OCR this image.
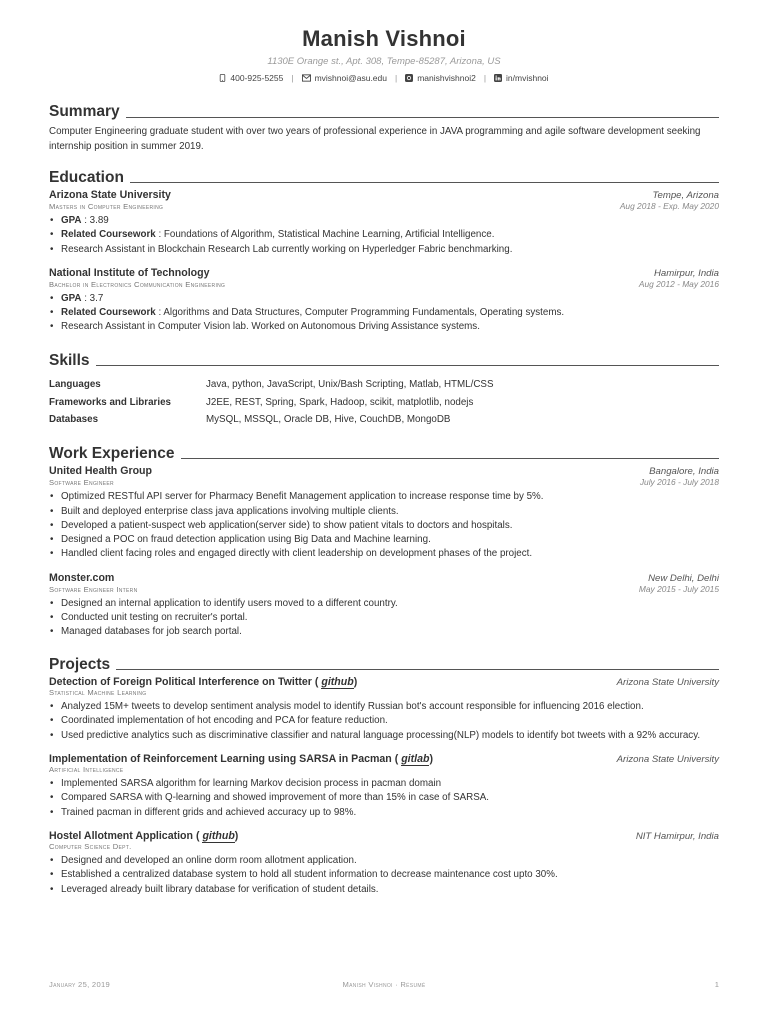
Manish Vishnoi
1130E Orange st., Apt. 308, Tempe-85287, Arizona, US
400-925-5255 | mvishnoi@asu.edu | manishvishnoi2 | in/mvishnoi
Summary
Computer Engineering graduate student with over two years of professional experience in JAVA programming and agile software development seeking internship position in summer 2019.
Education
Arizona State University	Tempe, Arizona
Masters in Computer Engineering	Aug 2018 - Exp. May 2020
• GPA : 3.89
• Related Coursework : Foundations of Algorithm, Statistical Machine Learning, Artificial Intelligence.
• Research Assistant in Blockchain Research Lab currently working on Hyperledger Fabric benchmarking.
National Institute of Technology	Hamirpur, India
Bachelor in Electronics Communication Engineering	Aug 2012 - May 2016
• GPA : 3.7
• Related Coursework : Algorithms and Data Structures, Computer Programming Fundamentals, Operating systems.
• Research Assistant in Computer Vision lab. Worked on Autonomous Driving Assistance systems.
Skills
Languages	Java, python, JavaScript, Unix/Bash Scripting, Matlab, HTML/CSS
Frameworks and Libraries	J2EE, REST, Spring, Spark, Hadoop, scikit, matplotlib, nodejs
Databases	MySQL, MSSQL, Oracle DB, Hive, CouchDB, MongoDB
Work Experience
United Health Group	Bangalore, India
Software Engineer	July 2016 - July 2018
• Optimized RESTful API server for Pharmacy Benefit Management application to increase response time by 5%.
• Built and deployed enterprise class java applications involving multiple clients.
• Developed a patient-suspect web application(server side) to show patient vitals to doctors and hospitals.
• Designed a POC on fraud detection application using Big Data and Machine learning.
• Handled client facing roles and engaged directly with client leadership on development phases of the project.
Monster.com	New Delhi, Delhi
Software Engineer Intern	May 2015 - July 2015
• Designed an internal application to identify users moved to a different country.
• Conducted unit testing on recruiter's portal.
• Managed databases for job search portal.
Projects
Detection of Foreign Political Interference on Twitter ( github)	Arizona State University
Statistical Machine Learning
• Analyzed 15M+ tweets to develop sentiment analysis model to identify Russian bot's account responsible for influencing 2016 election.
• Coordinated implementation of hot encoding and PCA for feature reduction.
• Used predictive analytics such as discriminative classifier and natural language processing(NLP) models to identify bot tweets with a 92% accuracy.
Implementation of Reinforcement Learning using SARSA in Pacman ( gitlab)	Arizona State University
Artificial Intelligence
• Implemented SARSA algorithm for learning Markov decision process in pacman domain
• Compared SARSA with Q-learning and showed improvement of more than 15% in case of SARSA.
• Trained pacman in different grids and achieved accuracy up to 98%.
Hostel Allotment Application ( github)	NIT Hamirpur, India
Computer Science Dept.
• Designed and developed an online dorm room allotment application.
• Established a centralized database system to hold all student information to decrease maintenance cost upto 30%.
• Leveraged already built library database for verification of student details.
January 25, 2019	Manish Vishnoi · Résumé	1
